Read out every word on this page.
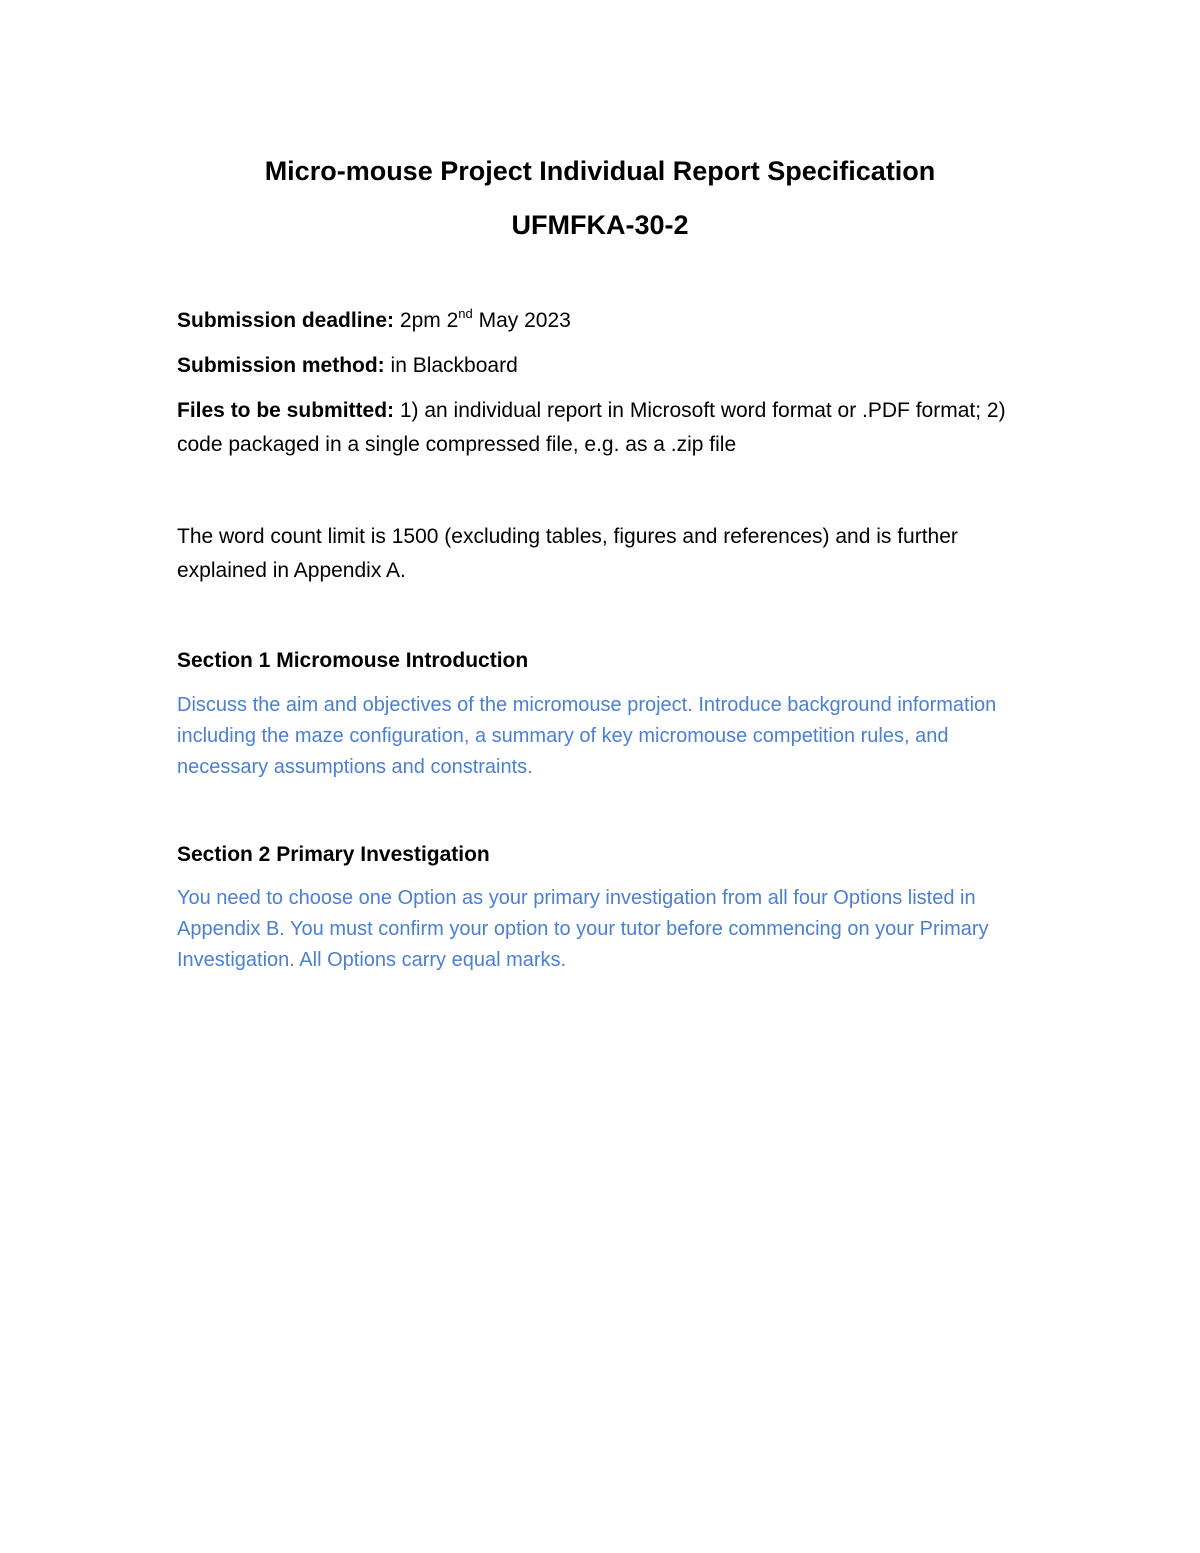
Micro-mouse Project Individual Report Specification
UFMFKA-30-2

Submission deadline: 2pm 2nd May 2023

Submission method: in Blackboard

Files to be submitted: 1) an individual report in Microsoft word format or .PDF format; 2) code packaged in a single compressed file, e.g. as a .zip file

The word count limit is 1500 (excluding tables, figures and references) and is further explained in Appendix A.

Section 1 Micromouse Introduction

Discuss the aim and objectives of the micromouse project. Introduce background information including the maze configuration, a summary of key micromouse competition rules, and necessary assumptions and constraints.

Section 2 Primary Investigation

You need to choose one Option as your primary investigation from all four Options listed in Appendix B. You must confirm your option to your tutor before commencing on your Primary Investigation. All Options carry equal marks.
